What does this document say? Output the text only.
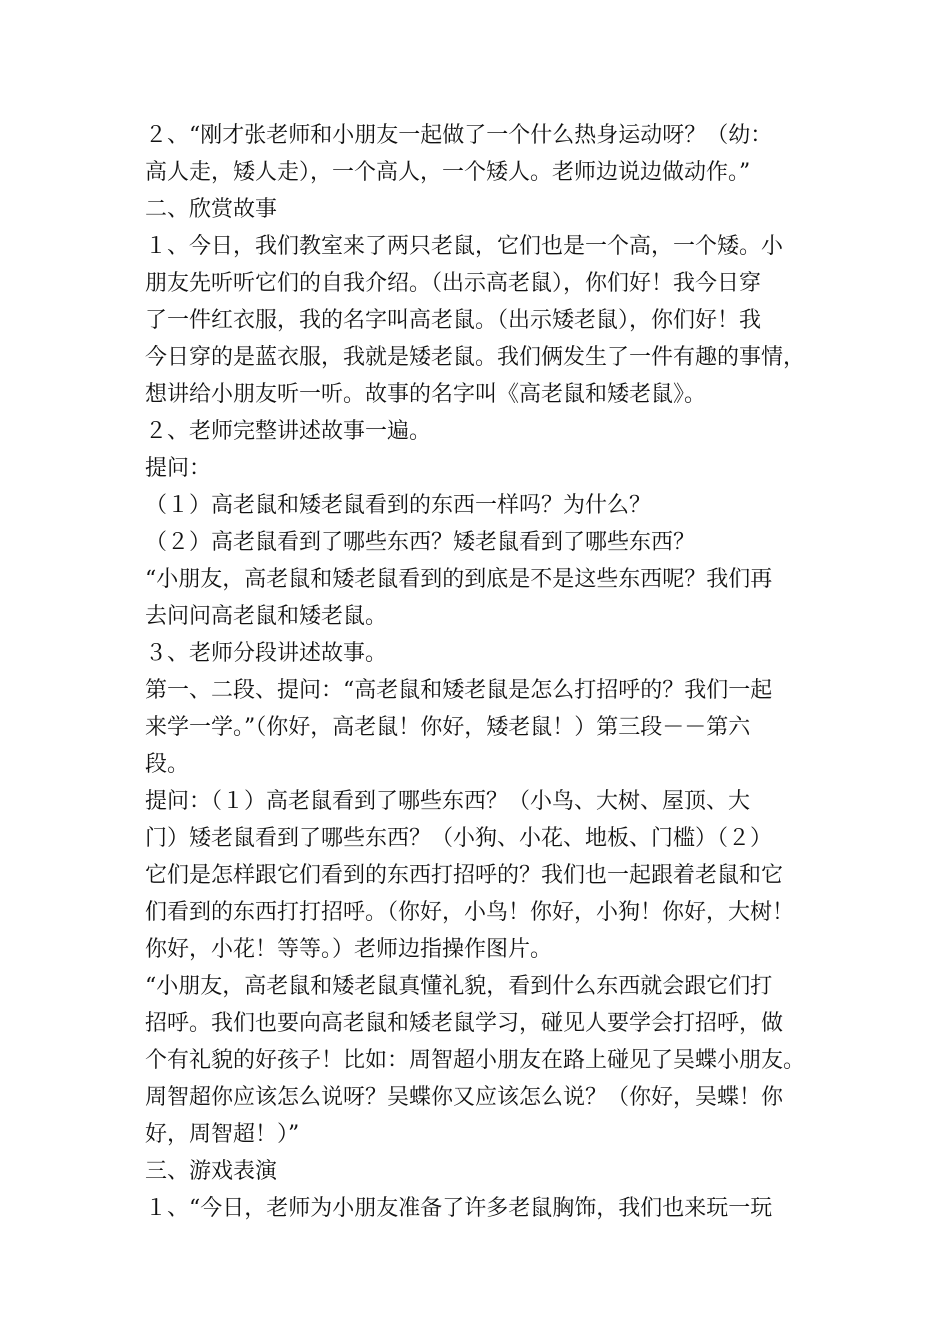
２、“刚才张老师和小朋友一起做了一个什么热身运动呀？（幼：
高人走，矮人走），一个高人，一个矮人。老师边说边做动作。”
二、欣赏故事
１、今日，我们教室来了两只老鼠，它们也是一个高，一个矮。小
朋友先听听它们的自我介绍。（出示高老鼠），你们好！我今日穿
了一件红衣服，我的名字叫高老鼠。（出示矮老鼠），你们好！我
今日穿的是蓝衣服，我就是矮老鼠。我们俩发生了一件有趣的事情，
想讲给小朋友听一听。故事的名字叫《高老鼠和矮老鼠》。
２、老师完整讲述故事一遍。
提问：
（１）高老鼠和矮老鼠看到的东西一样吗？为什么？
（２）高老鼠看到了哪些东西？矮老鼠看到了哪些东西？
“小朋友，高老鼠和矮老鼠看到的到底是不是这些东西呢？我们再
去问问高老鼠和矮老鼠。
３、老师分段讲述故事。
第一、二段、提问：“高老鼠和矮老鼠是怎么打招呼的？我们一起
来学一学。”（你好，高老鼠！你好，矮老鼠！）第三段－－第六
段。
提问：（１）高老鼠看到了哪些东西？（小鸟、大树、屋顶、大
门）矮老鼠看到了哪些东西？（小狗、小花、地板、门槛）（２）
它们是怎样跟它们看到的东西打招呼的？我们也一起跟着老鼠和它
们看到的东西打打招呼。（你好，小鸟！你好，小狗！你好，大树！
你好，小花！等等。）老师边指操作图片。
“小朋友，高老鼠和矮老鼠真懂礼貌，看到什么东西就会跟它们打
招呼。我们也要向高老鼠和矮老鼠学习，碰见人要学会打招呼，做
个有礼貌的好孩子！比如：周智超小朋友在路上碰见了吴蝶小朋友。
周智超你应该怎么说呀？吴蝶你又应该怎么说？（你好，吴蝶！你
好，周智超！）”
三、游戏表演
１、“今日，老师为小朋友准备了许多老鼠胸饰，我们也来玩一玩
